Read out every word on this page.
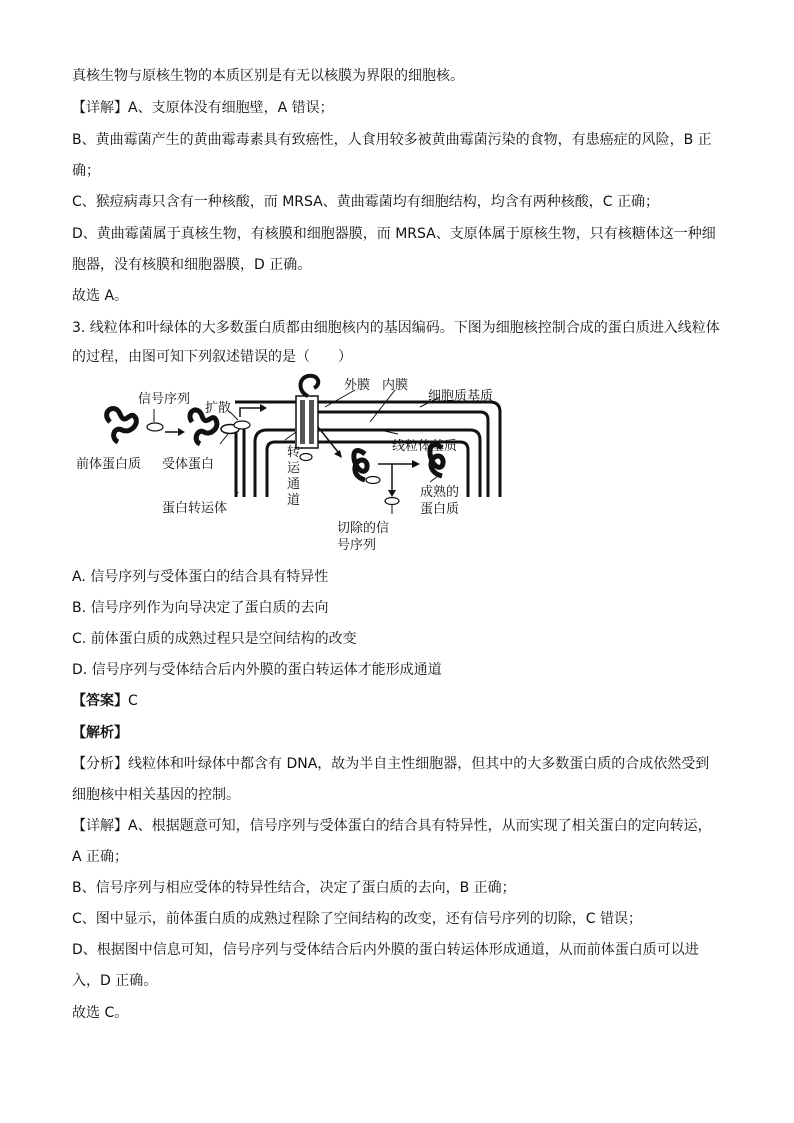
真核生物与原核生物的本质区别是有无以核膜为界限的细胞核。
【详解】A、支原体没有细胞壁，A 错误；
B、黄曲霉菌产生的黄曲霉毒素具有致癌性，人食用较多被黄曲霉菌污染的食物，有患癌症的风险，B 正
确；
C、猴痘病毒只含有一种核酸，而 MRSA、黄曲霉菌均有细胞结构，均含有两种核酸，C 正确；
D、黄曲霉菌属于真核生物，有核膜和细胞器膜，而 MRSA、支原体属于原核生物，只有核糖体这一种细
胞器，没有核膜和细胞器膜，D 正确。
故选 A。
3. 线粒体和叶绿体的大多数蛋白质都由细胞核内的基因编码。下图为细胞核控制合成的蛋白质进入线粒体
的过程，由图可知下列叙述错误的是（　　）
信号序列
扩散
外膜 内膜
细胞质基质
线粒体基质
前体蛋白质 受体蛋白
蛋白转运体
转
运
通
道
成熟的
蛋白质
切除的信
号序列
A. 信号序列与受体蛋白的结合具有特异性
B. 信号序列作为向导决定了蛋白质的去向
C. 前体蛋白质的成熟过程只是空间结构的改变
D. 信号序列与受体结合后内外膜的蛋白转运体才能形成通道
【答案】C
【解析】
【分析】线粒体和叶绿体中都含有 DNA，故为半自主性细胞器，但其中的大多数蛋白质的合成依然受到
细胞核中相关基因的控制。
【详解】A、根据题意可知，信号序列与受体蛋白的结合具有特异性，从而实现了相关蛋白的定向转运，
A 正确；
B、信号序列与相应受体的特异性结合，决定了蛋白质的去向，B 正确；
C、图中显示，前体蛋白质的成熟过程除了空间结构的改变，还有信号序列的切除，C 错误；
D、根据图中信息可知，信号序列与受体结合后内外膜的蛋白转运体形成通道，从而前体蛋白质可以进
入，D 正确。
故选 C。
